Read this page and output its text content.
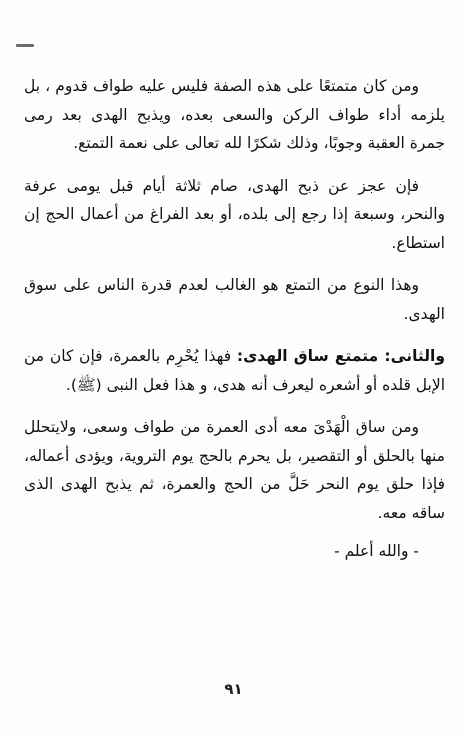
ومن كان متمتعًا على هذه الصفة فليس عليه طواف قدوم ، بل يلزمه أداء طواف الركن والسعى بعده، ويذبح الهدى بعد رمى جمرة العقبة وجوبًا، وذلك شكرًا لله تعالى على نعمة التمتع.

فإن عجز عن ذبح الهدى، صام ثلاثة أيام قبل يومى عرفة والنحر، وسبعة إذا رجع إلى بلده، أو بعد الفراغ من أعمال الحج إن استطاع.

وهذا النوع من التمتع هو الغالب لعدم قدرة الناس على سوق الهدى.

والثانى: متمتع ساق الهدى: فهذا يُحْرِم بالعمرة، فإن كان من الإبل قلده أو أشعره ليعرف أنه هدى، و هذا فعل النبى (ﷺ).

ومن ساق الْهَدْىَ معه أدى العمرة من طواف وسعى، ولايتحلل منها بالحلق أو التقصير، بل يحرم بالحج يوم التروية، ويؤدى أعماله، فإذا حلق يوم النحر حَلَّ من الحج والعمرة، ثم يذبح الهدى الذى ساقه معه.

- والله أعلم -

٩١
